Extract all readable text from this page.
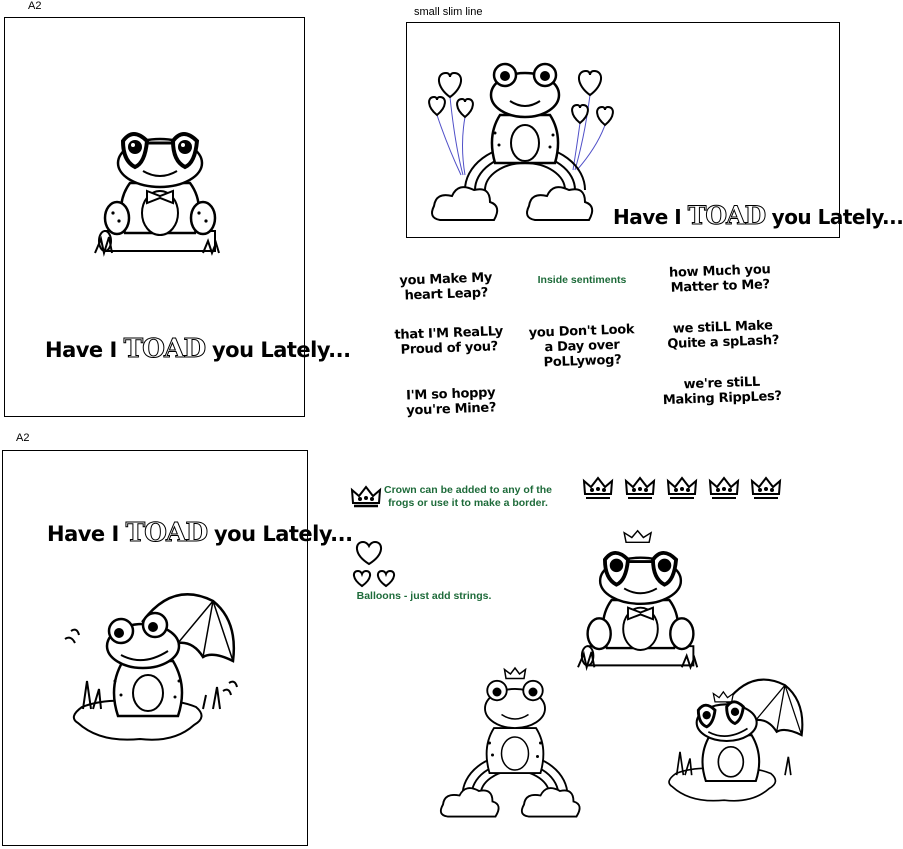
A2
A2
small slim line
Have I TOAD you Lately...
Have I TOAD you Lately...
Have I TOAD you Lately...
Inside sentiments
you Make My
heart Leap?
that I'M ReaLLy
Proud of you?
I'M so hoppy
you're Mine?
you Don't Look
a Day over
PoLLywog?
how Much you
Matter to Me?
we stiLL Make
Quite a spLash?
we're stiLL
Making RippLes?
Crown can be added to any of the
frogs or use it to make a border.
Balloons - just add strings.
